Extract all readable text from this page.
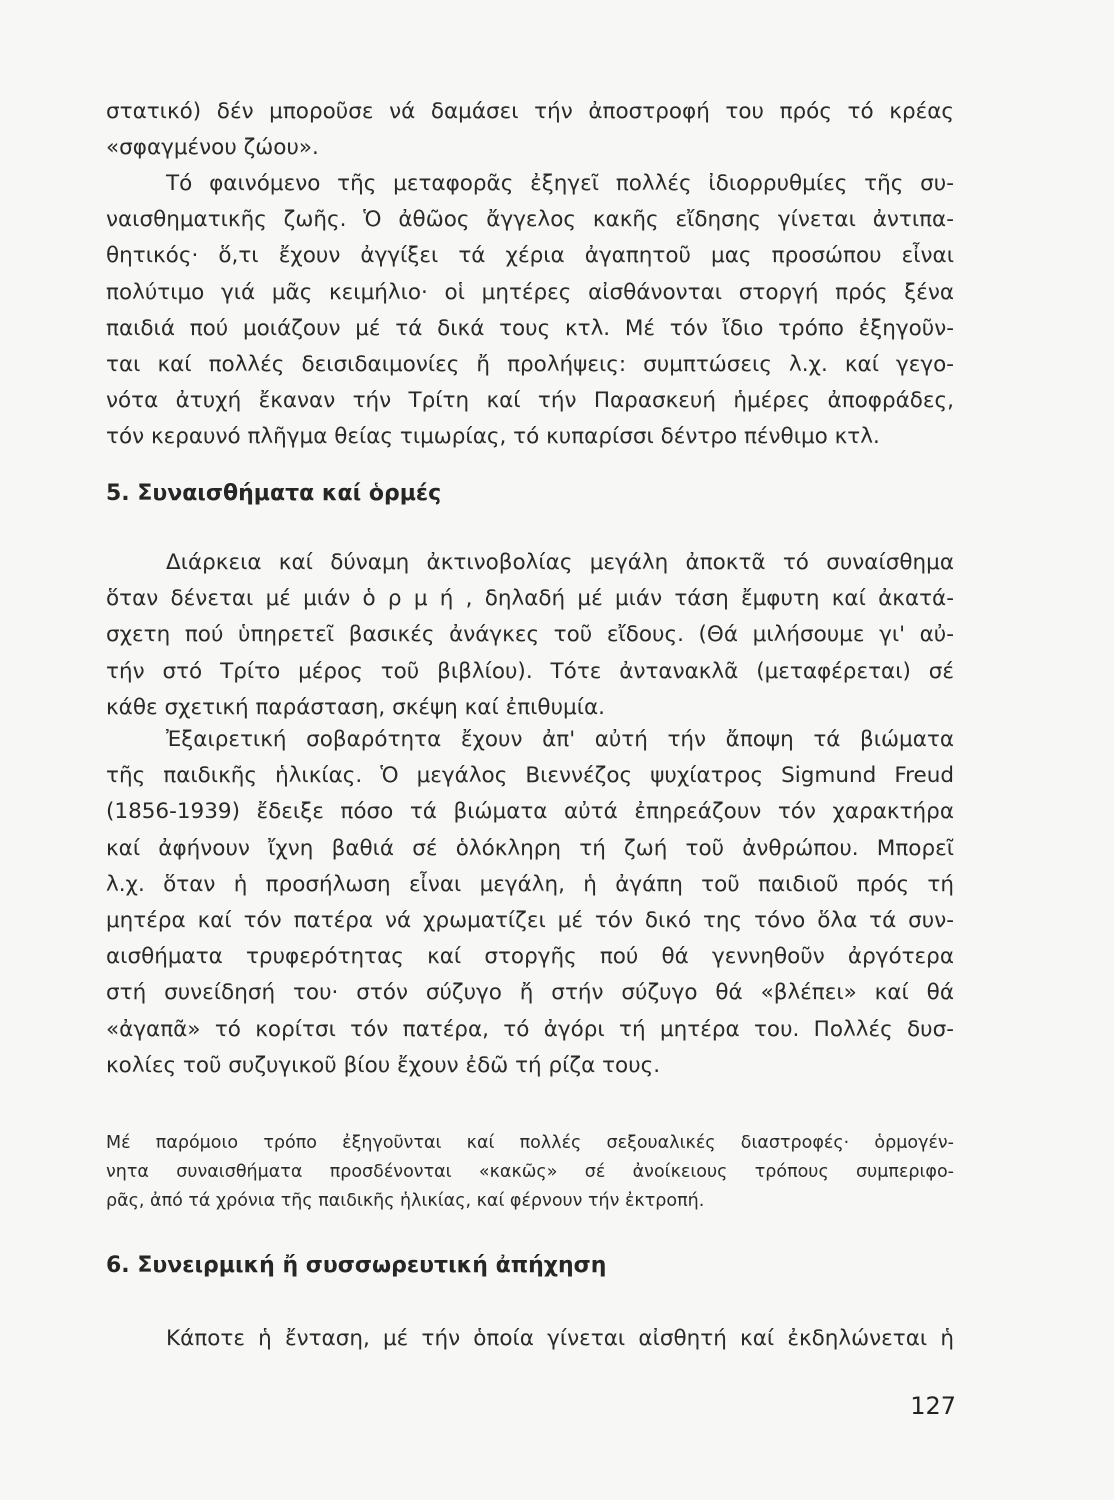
στατικό) δέν μποροῦσε νά δαμάσει τήν ἀποστροφή του πρός τό κρέας
«σφαγμένου ζώου».
Τό φαινόμενο τῆς μεταφορᾶς ἐξηγεῖ πολλές ἰδιορρυθμίες τῆς συ-
ναισθηματικῆς ζωῆς. Ὁ ἀθῶος ἄγγελος κακῆς εἴδησης γίνεται ἀντιπα-
θητικός· ὅ,τι ἔχουν ἀγγίξει τά χέρια ἀγαπητοῦ μας προσώπου εἶναι
πολύτιμο γιά μᾶς κειμήλιο· οἱ μητέρες αἰσθάνονται στοργή πρός ξένα
παιδιά πού μοιάζουν μέ τά δικά τους κτλ. Μέ τόν ἴδιο τρόπο ἐξηγοῦν-
ται καί πολλές δεισιδαιμονίες ἤ προλήψεις: συμπτώσεις λ.χ. καί γεγο-
νότα ἀτυχή ἔκαναν τήν Τρίτη καί τήν Παρασκευή ἡμέρες ἀποφράδες,
τόν κεραυνό πλῆγμα θείας τιμωρίας, τό κυπαρίσσι δέντρο πένθιμο κτλ.
5. Συναισθήματα καί ὁρμές
Διάρκεια καί δύναμη ἀκτινοβολίας μεγάλη ἀποκτᾶ τό συναίσθημα
ὅταν δένεται μέ μιάν ὁ ρ μ ή , δηλαδή μέ μιάν τάση ἔμφυτη καί ἀκατά-
σχετη πού ὑπηρετεῖ βασικές ἀνάγκες τοῦ εἴδους. (Θά μιλήσουμε γι' αὐ-
τήν στό Τρίτο μέρος τοῦ βιβλίου). Τότε ἀντανακλᾶ (μεταφέρεται) σέ
κάθε σχετική παράσταση, σκέψη καί ἐπιθυμία.
Ἐξαιρετική σοβαρότητα ἔχουν ἀπ' αὐτή τήν ἄποψη τά βιώματα
τῆς παιδικῆς ἡλικίας. Ὁ μεγάλος Βιεννέζος ψυχίατρος Sigmund Freud
(1856-1939) ἔδειξε πόσο τά βιώματα αὐτά ἐπηρεάζουν τόν χαρακτήρα
καί ἀφήνουν ἴχνη βαθιά σέ ὁλόκληρη τή ζωή τοῦ ἀνθρώπου. Μπορεῖ
λ.χ. ὅταν ἡ προσήλωση εἶναι μεγάλη, ἡ ἀγάπη τοῦ παιδιοῦ πρός τή
μητέρα καί τόν πατέρα νά χρωματίζει μέ τόν δικό της τόνο ὅλα τά συν-
αισθήματα τρυφερότητας καί στοργῆς πού θά γεννηθοῦν ἀργότερα
στή συνείδησή του· στόν σύζυγο ἤ στήν σύζυγο θά «βλέπει» καί θά
«ἀγαπᾶ» τό κορίτσι τόν πατέρα, τό ἀγόρι τή μητέρα του. Πολλές δυσ-
κολίες τοῦ συζυγικοῦ βίου ἔχουν ἐδῶ τή ρίζα τους.
Μέ παρόμοιο τρόπο ἐξηγοῦνται καί πολλές σεξουαλικές διαστροφές· ὁρμογέν-
νητα συναισθήματα προσδένονται «κακῶς» σέ ἀνοίκειους τρόπους συμπεριφο-
ρᾶς, ἀπό τά χρόνια τῆς παιδικῆς ἡλικίας, καί φέρνουν τήν ἐκτροπή.
6. Συνειρμική ἤ συσσωρευτική ἀπήχηση
Κάποτε ἡ ἔνταση, μέ τήν ὁποία γίνεται αἰσθητή καί ἐκδηλώνεται ἡ
127
